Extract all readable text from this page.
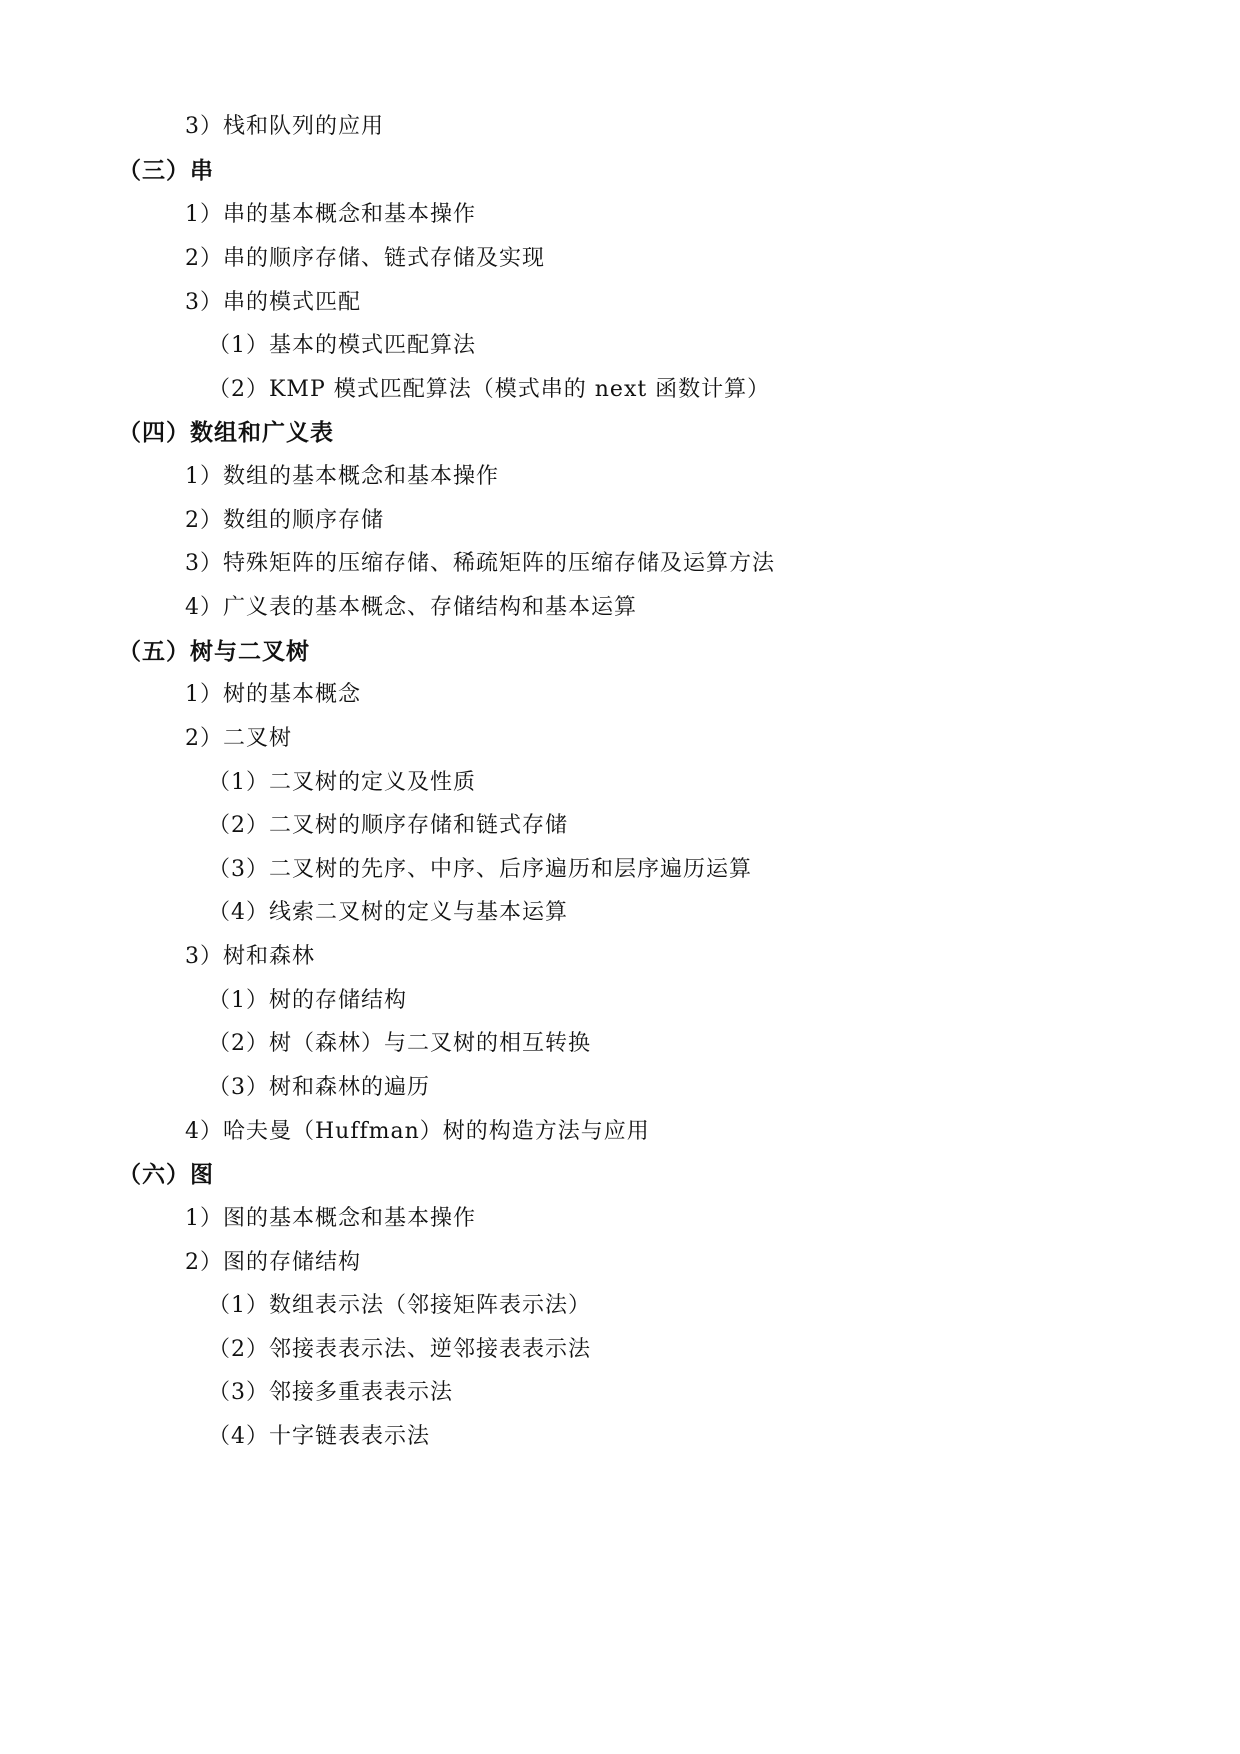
3）栈和队列的应用
（三）串
1）串的基本概念和基本操作
2）串的顺序存储、链式存储及实现
3）串的模式匹配
（1）基本的模式匹配算法
（2）KMP 模式匹配算法（模式串的 next 函数计算）
（四）数组和广义表
1）数组的基本概念和基本操作
2）数组的顺序存储
3）特殊矩阵的压缩存储、稀疏矩阵的压缩存储及运算方法
4）广义表的基本概念、存储结构和基本运算
（五）树与二叉树
1）树的基本概念
2）二叉树
（1）二叉树的定义及性质
（2）二叉树的顺序存储和链式存储
（3）二叉树的先序、中序、后序遍历和层序遍历运算
（4）线索二叉树的定义与基本运算
3）树和森林
（1）树的存储结构
（2）树（森林）与二叉树的相互转换
（3）树和森林的遍历
4）哈夫曼（Huffman）树的构造方法与应用
（六）图
1）图的基本概念和基本操作
2）图的存储结构
（1）数组表示法（邻接矩阵表示法）
（2）邻接表表示法、逆邻接表表示法
（3）邻接多重表表示法
（4）十字链表表示法
